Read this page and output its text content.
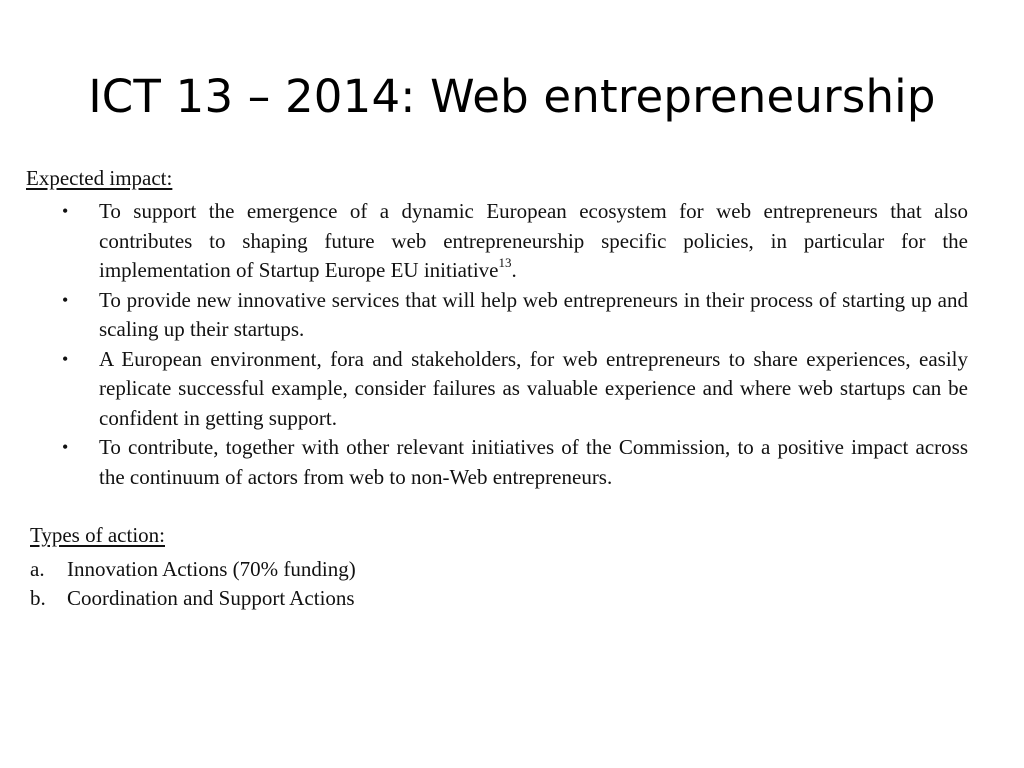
ICT 13 – 2014: Web entrepreneurship
Expected impact:
• To support the emergence of a dynamic European ecosystem for web entrepreneurs that also contributes to shaping future web entrepreneurship specific policies, in particular for the implementation of Startup Europe EU initiative$^{13}$.
• To provide new innovative services that will help web entrepreneurs in their process of starting up and scaling up their startups.
• A European environment, fora and stakeholders, for web entrepreneurs to share experiences, easily replicate successful example, consider failures as valuable experience and where web startups can be confident in getting support.
• To contribute, together with other relevant initiatives of the Commission, to a positive impact across the continuum of actors from web to non-Web entrepreneurs.
Types of action:
a. Innovation Actions (70% funding)
b. Coordination and Support Actions
